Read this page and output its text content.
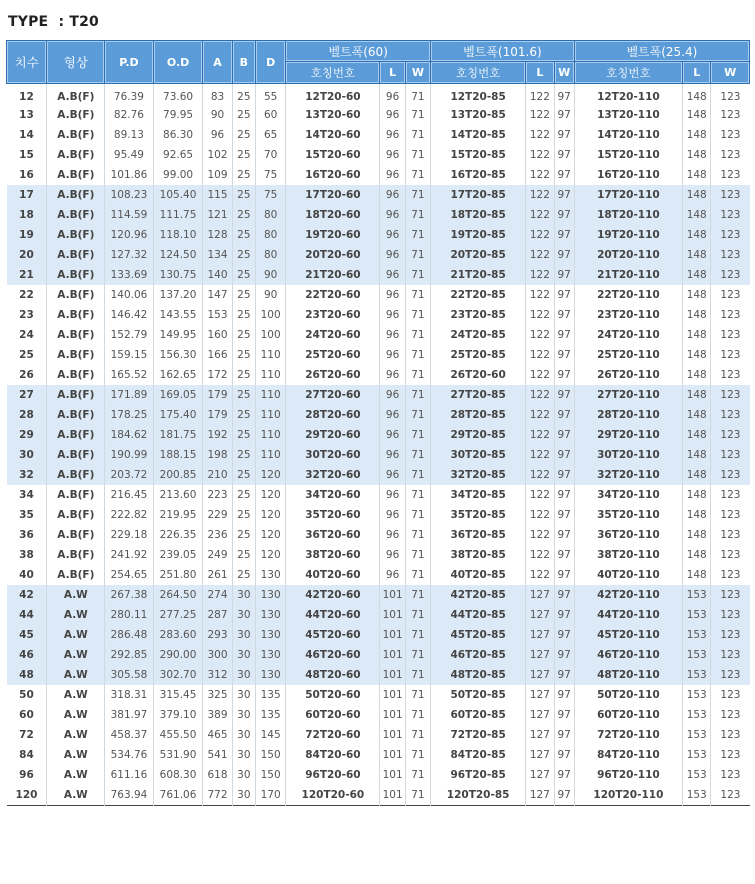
TYPE  : T20
치수	형상	P.D	O.D	A	B	D	벨트폭(60)			벨트폭(101.6)			벨트폭(25.4)		
							호칭번호	L	W	호칭번호	L	W	호칭번호	L	W
12	A.B(F)	76.39	73.60	83	25	55	12T20-60	96	71	12T20-85	122	97	12T20-110	148	123
13	A.B(F)	82.76	79.95	90	25	60	13T20-60	96	71	13T20-85	122	97	13T20-110	148	123
14	A.B(F)	89.13	86.30	96	25	65	14T20-60	96	71	14T20-85	122	97	14T20-110	148	123
15	A.B(F)	95.49	92.65	102	25	70	15T20-60	96	71	15T20-85	122	97	15T20-110	148	123
16	A.B(F)	101.86	99.00	109	25	75	16T20-60	96	71	16T20-85	122	97	16T20-110	148	123
17	A.B(F)	108.23	105.40	115	25	75	17T20-60	96	71	17T20-85	122	97	17T20-110	148	123
18	A.B(F)	114.59	111.75	121	25	80	18T20-60	96	71	18T20-85	122	97	18T20-110	148	123
19	A.B(F)	120.96	118.10	128	25	80	19T20-60	96	71	19T20-85	122	97	19T20-110	148	123
20	A.B(F)	127.32	124.50	134	25	80	20T20-60	96	71	20T20-85	122	97	20T20-110	148	123
21	A.B(F)	133.69	130.75	140	25	90	21T20-60	96	71	21T20-85	122	97	21T20-110	148	123
22	A.B(F)	140.06	137.20	147	25	90	22T20-60	96	71	22T20-85	122	97	22T20-110	148	123
23	A.B(F)	146.42	143.55	153	25	100	23T20-60	96	71	23T20-85	122	97	23T20-110	148	123
24	A.B(F)	152.79	149.95	160	25	100	24T20-60	96	71	24T20-85	122	97	24T20-110	148	123
25	A.B(F)	159.15	156.30	166	25	110	25T20-60	96	71	25T20-85	122	97	25T20-110	148	123
26	A.B(F)	165.52	162.65	172	25	110	26T20-60	96	71	26T20-60	122	97	26T20-110	148	123
27	A.B(F)	171.89	169.05	179	25	110	27T20-60	96	71	27T20-85	122	97	27T20-110	148	123
28	A.B(F)	178.25	175.40	179	25	110	28T20-60	96	71	28T20-85	122	97	28T20-110	148	123
29	A.B(F)	184.62	181.75	192	25	110	29T20-60	96	71	29T20-85	122	97	29T20-110	148	123
30	A.B(F)	190.99	188.15	198	25	110	30T20-60	96	71	30T20-85	122	97	30T20-110	148	123
32	A.B(F)	203.72	200.85	210	25	120	32T20-60	96	71	32T20-85	122	97	32T20-110	148	123
34	A.B(F)	216.45	213.60	223	25	120	34T20-60	96	71	34T20-85	122	97	34T20-110	148	123
35	A.B(F)	222.82	219.95	229	25	120	35T20-60	96	71	35T20-85	122	97	35T20-110	148	123
36	A.B(F)	229.18	226.35	236	25	120	36T20-60	96	71	36T20-85	122	97	36T20-110	148	123
38	A.B(F)	241.92	239.05	249	25	120	38T20-60	96	71	38T20-85	122	97	38T20-110	148	123
40	A.B(F)	254.65	251.80	261	25	130	40T20-60	96	71	40T20-85	122	97	40T20-110	148	123
42	A.W	267.38	264.50	274	30	130	42T20-60	101	71	42T20-85	127	97	42T20-110	153	123
44	A.W	280.11	277.25	287	30	130	44T20-60	101	71	44T20-85	127	97	44T20-110	153	123
45	A.W	286.48	283.60	293	30	130	45T20-60	101	71	45T20-85	127	97	45T20-110	153	123
46	A.W	292.85	290.00	300	30	130	46T20-60	101	71	46T20-85	127	97	46T20-110	153	123
48	A.W	305.58	302.70	312	30	130	48T20-60	101	71	48T20-85	127	97	48T20-110	153	123
50	A.W	318.31	315.45	325	30	135	50T20-60	101	71	50T20-85	127	97	50T20-110	153	123
60	A.W	381.97	379.10	389	30	135	60T20-60	101	71	60T20-85	127	97	60T20-110	153	123
72	A.W	458.37	455.50	465	30	145	72T20-60	101	71	72T20-85	127	97	72T20-110	153	123
84	A.W	534.76	531.90	541	30	150	84T20-60	101	71	84T20-85	127	97	84T20-110	153	123
96	A.W	611.16	608.30	618	30	150	96T20-60	101	71	96T20-85	127	97	96T20-110	153	123
120	A.W	763.94	761.06	772	30	170	120T20-60	101	71	120T20-85	127	97	120T20-110	153	123
